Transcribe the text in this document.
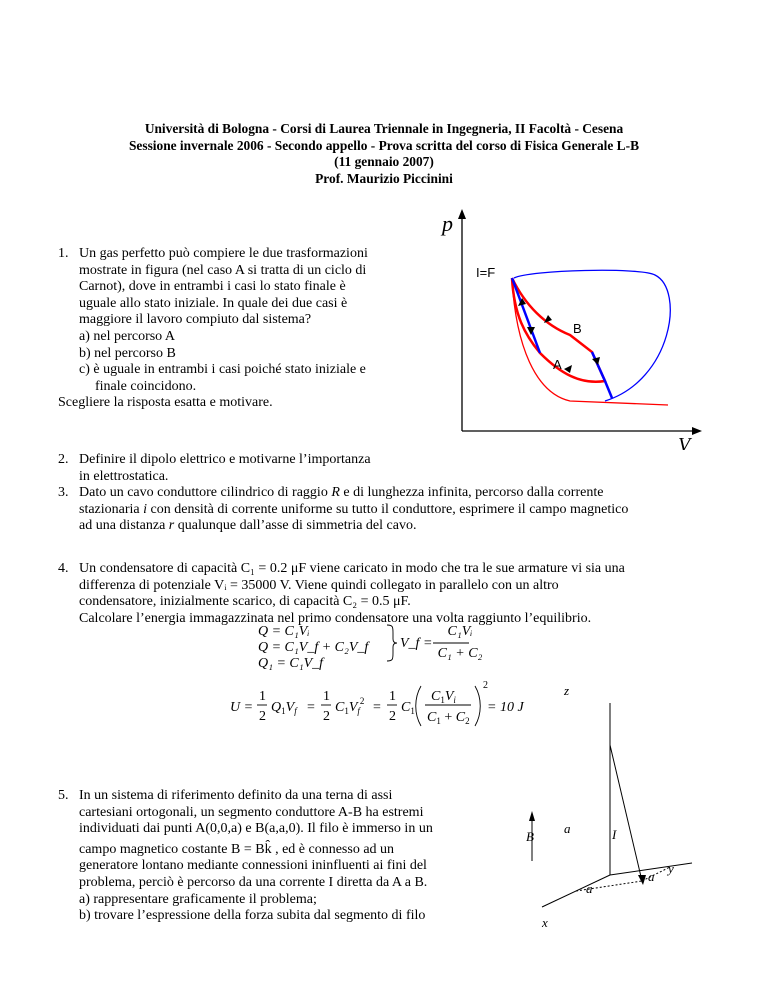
Università di Bologna - Corsi di Laurea Triennale in Ingegneria, II Facoltà - Cesena
Sessione invernale 2006 - Secondo appello - Prova scritta del corso di Fisica Generale L-B
(11 gennaio 2007)
Prof. Maurizio Piccinini
1. Un gas perfetto può compiere le due trasformazioni
mostrate in figura (nel caso A si tratta di un ciclo di
Carnot), dove in entrambi i casi lo stato finale è
uguale allo stato iniziale. In quale dei due casi è
maggiore il lavoro compiuto dal sistema?
a) nel percorso A
b) nel percorso B
c) è uguale in entrambi i casi poiché stato iniziale e
finale coincidono.
Scegliere la risposta esatta e motivare.
p
V
I=F
B
A
2. Definire il dipolo elettrico e motivarne l’importanza
in elettrostatica.
3. Dato un cavo conduttore cilindrico di raggio R e di lunghezza infinita, percorso dalla corrente
stazionaria i con densità di corrente uniforme su tutto il conduttore, esprimere il campo magnetico
ad una distanza r qualunque dall’asse di simmetria del cavo.
4. Un condensatore di capacità C₁ = 0.2 μF viene caricato in modo che tra le sue armature vi sia una
differenza di potenziale Vᵢ = 35000 V. Viene quindi collegato in parallelo con un altro
condensatore, inizialmente scarico, di capacità C₂ = 0.5 μF.
Calcolare l’energia immagazzinata nel primo condensatore una volta raggiunto l’equilibrio.
Q = C₁Vᵢ
Q = C₁V_f + C₂V_f
Q₁ = C₁V_f
V_f =
C₁Vᵢ
C₁ + C₂
U =
1
2
$Q_1V_f$ =
1
2
$C_1V_f^2$ =
1
2
$C_1$
$C_1V_i$
$C_1 + C_2$
2
= 10 J
5. In un sistema di riferimento definito da una terna di assi
cartesiani ortogonali, un segmento conduttore A-B ha estremi
individuati dai punti A(0,0,a) e B(a,a,0). Il filo è immerso in un
campo magnetico costante B = Bk̂ , ed è connesso ad un
generatore lontano mediante connessioni ininfluenti ai fini del
problema, perciò è percorso da una corrente I diretta da A a B.
a) rappresentare graficamente il problema;
b) trovare l’espressione della forza subita dal segmento di filo
z
y
x
a
a
a
I
B
